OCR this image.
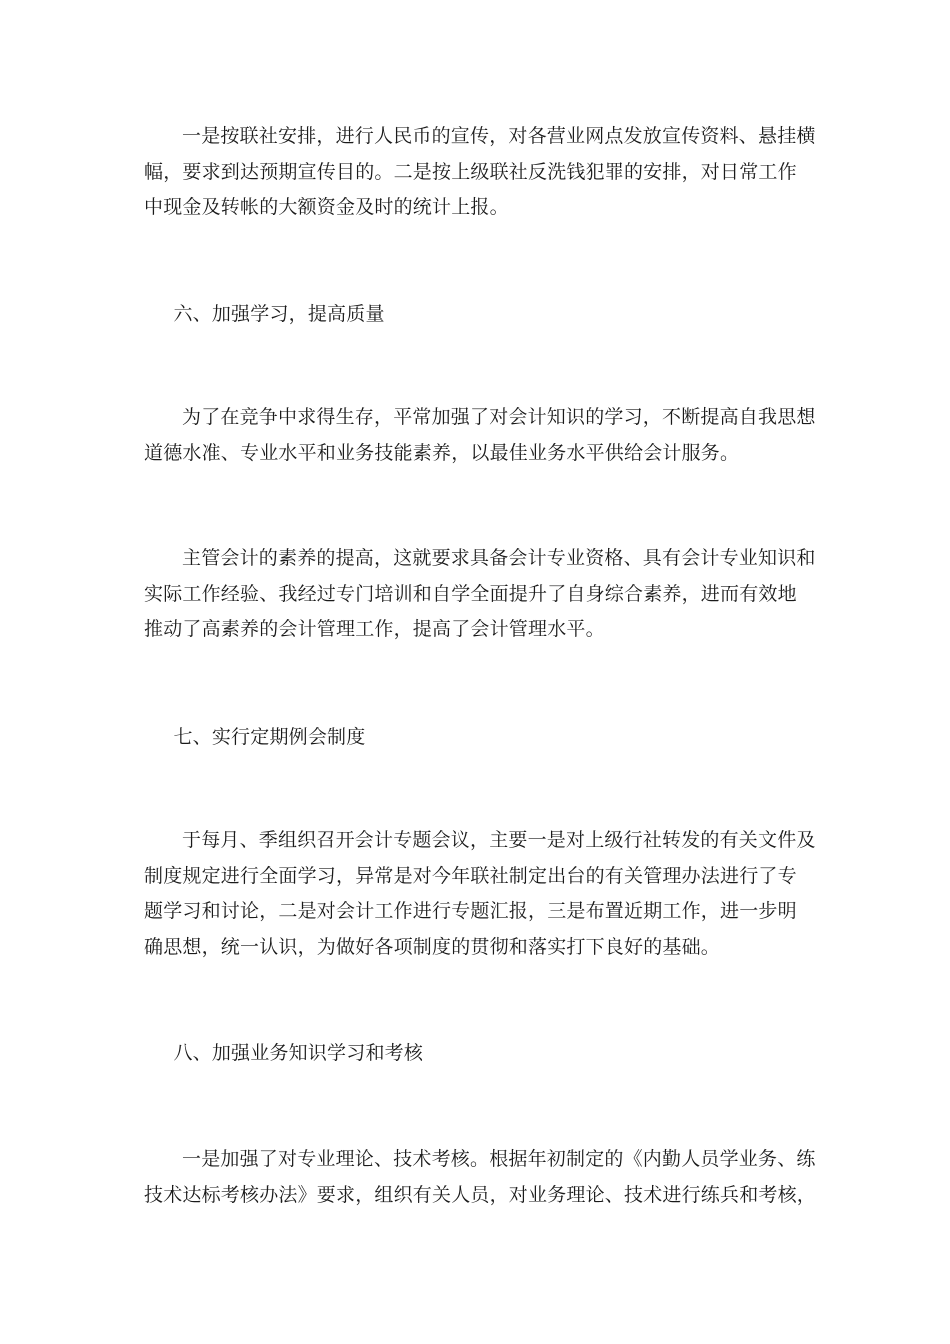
一是按联社安排，进行人民币的宣传，对各营业网点发放宣传资料、悬挂横
幅，要求到达预期宣传目的。二是按上级联社反洗钱犯罪的安排，对日常工作
中现金及转帐的大额资金及时的统计上报。
六、加强学习，提高质量
为了在竞争中求得生存，平常加强了对会计知识的学习，不断提高自我思想
道德水准、专业水平和业务技能素养，以最佳业务水平供给会计服务。
主管会计的素养的提高，这就要求具备会计专业资格、具有会计专业知识和
实际工作经验、我经过专门培训和自学全面提升了自身综合素养，进而有效地
推动了高素养的会计管理工作，提高了会计管理水平。
七、实行定期例会制度
于每月、季组织召开会计专题会议，主要一是对上级行社转发的有关文件及
制度规定进行全面学习，异常是对今年联社制定出台的有关管理办法进行了专
题学习和讨论，二是对会计工作进行专题汇报，三是布置近期工作，进一步明
确思想，统一认识，为做好各项制度的贯彻和落实打下良好的基础。
八、加强业务知识学习和考核
一是加强了对专业理论、技术考核。根据年初制定的《内勤人员学业务、练
技术达标考核办法》要求，组织有关人员，对业务理论、技术进行练兵和考核，
